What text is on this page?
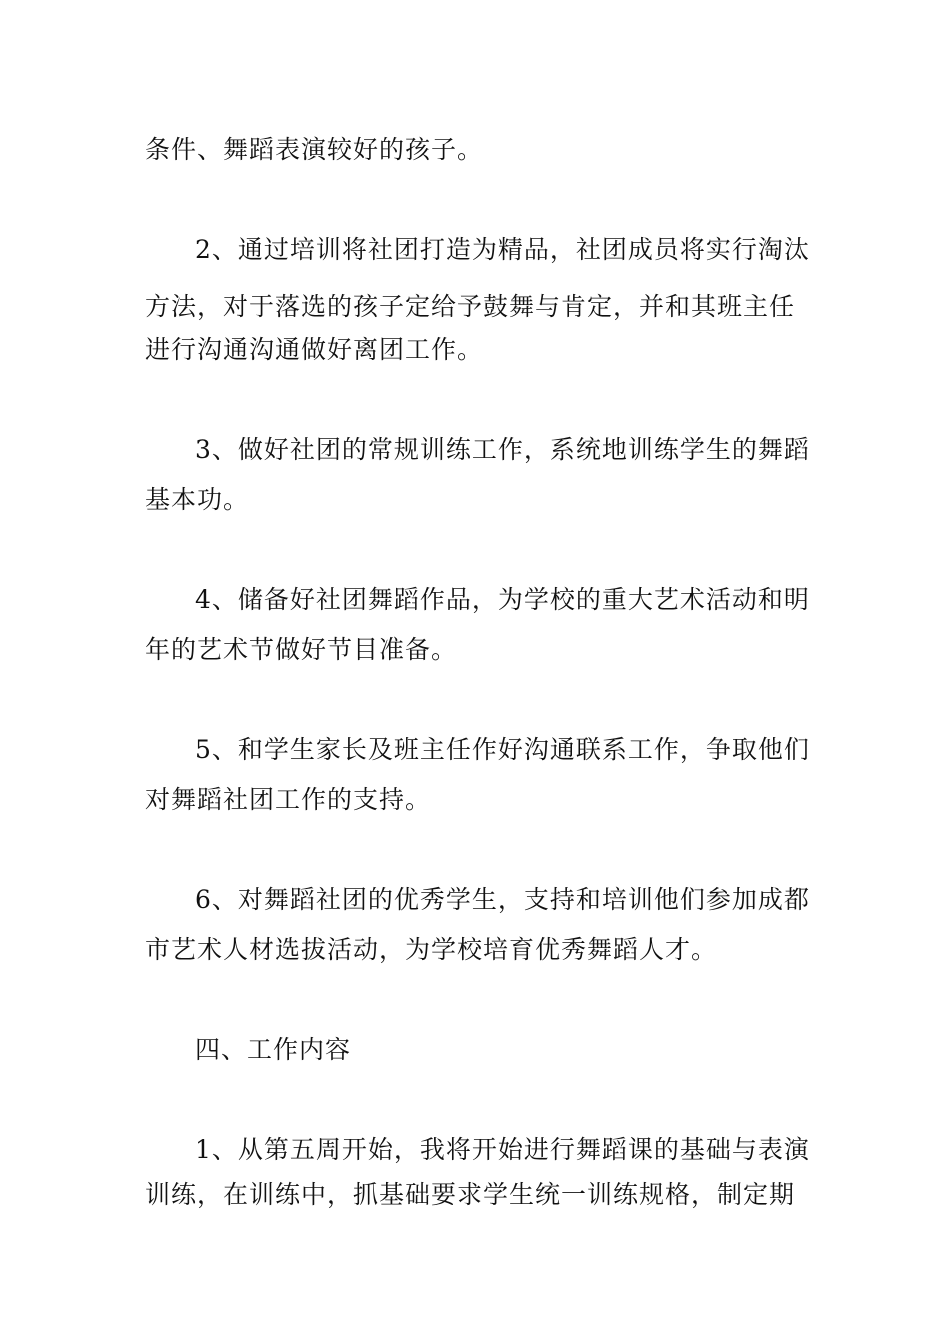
条件、舞蹈表演较好的孩子。
2、通过培训将社团打造为精品，社团成员将实行淘汰
方法，对于落选的孩子定给予鼓舞与肯定，并和其班主任
进行沟通沟通做好离团工作。
3、做好社团的常规训练工作，系统地训练学生的舞蹈
基本功。
4、储备好社团舞蹈作品，为学校的重大艺术活动和明
年的艺术节做好节目准备。
5、和学生家长及班主任作好沟通联系工作，争取他们
对舞蹈社团工作的支持。
6、对舞蹈社团的优秀学生，支持和培训他们参加成都
市艺术人材选拔活动，为学校培育优秀舞蹈人才。
四、工作内容
1、从第五周开始，我将开始进行舞蹈课的基础与表演
训练，在训练中，抓基础要求学生统一训练规格，制定期
